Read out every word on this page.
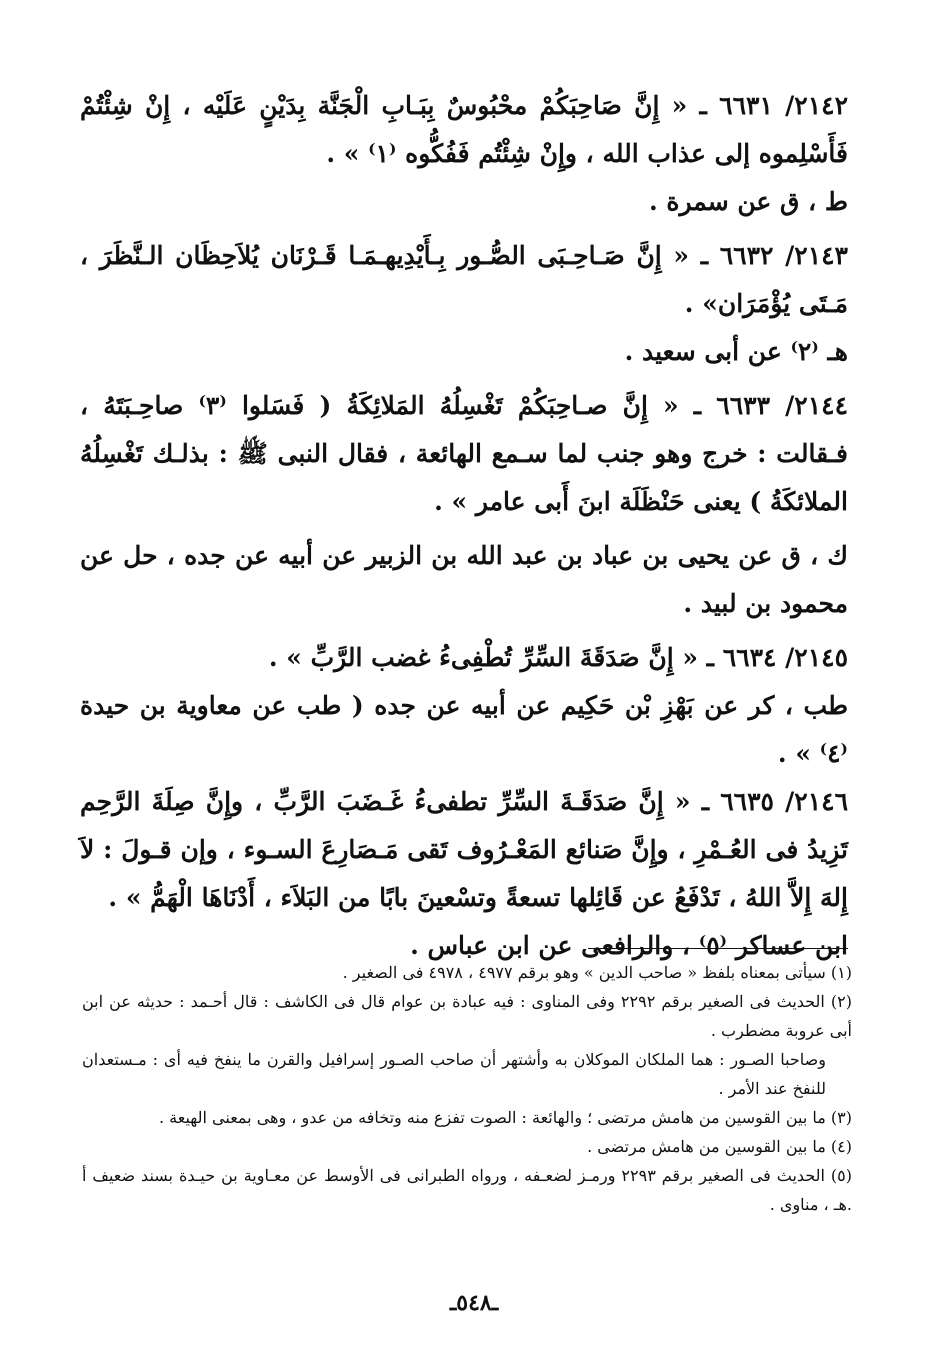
٢١٤٢/ ٦٦٣١ ـ « إِنَّ صَاحِبَكُمْ محْبُوسٌ بِبَـابِ الْجَنَّة بِدَيْنٍ عَلَيْه ، إِنْ شِئْتُمْ فَأَسْلِموه إلى عذاب الله ، وإِنْ شِئْتُم فَفُكُّوه ⁽١⁾ » .

ط ، ق عن سمرة .

٢١٤٣/ ٦٦٣٢ ـ « إِنَّ صَـاحِـبَى الصُّـور بِـأَيْدِيهـمَـا قَـرْنَان يُلاَحِظَان الـنَّظَرَ ، مَـتَى يُؤْمَرَان» .

هـ ⁽٢⁾ عن أبى سعيد .

٢١٤٤/ ٦٦٣٣ ـ « إِنَّ صـاحِبَكُمْ تَغْسِلُهُ المَلائِكَةُ ( فَسَلوا ⁽٣⁾ صاحِـبَتَهُ ، فـقالت : خرج وهو جنب لما سـمع الهائعة ، فقال النبى ﷺ : بذلـك تَغْسِلُهُ الملائكَةُ ) يعنى حَنْظَلَة ابنَ أَبى عامر » .

ك ، ق عن يحيى بن عباد بن عبد الله بن الزبير عن أبيه عن جده ، حل عن محمود بن لبيد .

٢١٤٥/ ٦٦٣٤ ـ « إِنَّ صَدَقَةَ السِّرِّ تُطْفِىءُ غضب الرَّبِّ » .

طب ، كر عن بَهْزِ بْن حَكِيم عن أبيه عن جده ( طب عن معاوية بن حيدة ⁽٤⁾ » .

٢١٤٦/ ٦٦٣٥ ـ « إِنَّ صَدَقَـةَ السِّرِّ تطفىءُ غَـضَبَ الرَّبِّ ، وإِنَّ صِلَةَ الرَّحِم تَزِيدُ فى العُـمْرِ ، وإِنَّ صَنائع المَعْـرُوف تَقى مَـصَارِعَ السـوء ، وإن قـولَ : لاَ إِلهَ إِلاَّ اللهُ ، تَدْفَعُ عن قَائِلها تسعةً وتسْعينَ بابًا من البَلاَء ، أَدْنَاهَا الْهَمُّ » .

ابن عساكر ⁽٥⁾ ، والرافعى عن ابن عباس .

(١) سيأتى بمعناه بلفظ « صاحب الدين » وهو برقم ٤٩٧٧ ، ٤٩٧٨ فى الصغير .

(٢) الحديث فى الصغير برقم ٢٢٩٢ وفى المناوى : فيه عبادة بن عوام قال فى الكاشف : قال أحـمد : حديثه عن ابن أبى عروبة مضطرب .

وصاحبا الصـور : هما الملكان الموكلان به وأشتهر أن صاحب الصـور إسرافيل والقرن ما ينفخ فيه أى : مـستعدان للنفخ عند الأمر .

(٣) ما بين القوسين من هامش مرتضى ؛ والهائعة : الصوت تفزع منه وتخافه من عدو ، وهى بمعنى الهيعة .

(٤) ما بين القوسين من هامش مرتضى .

(٥) الحديث فى الصغير برقم ٢٢٩٣ ورمـز لضعـفه ، ورواه الطبرانى فى الأوسط عن معـاوية بن حيـدة بسند ضعيف أ .هـ ، مناوى .

ـ٥٤٨ـ
